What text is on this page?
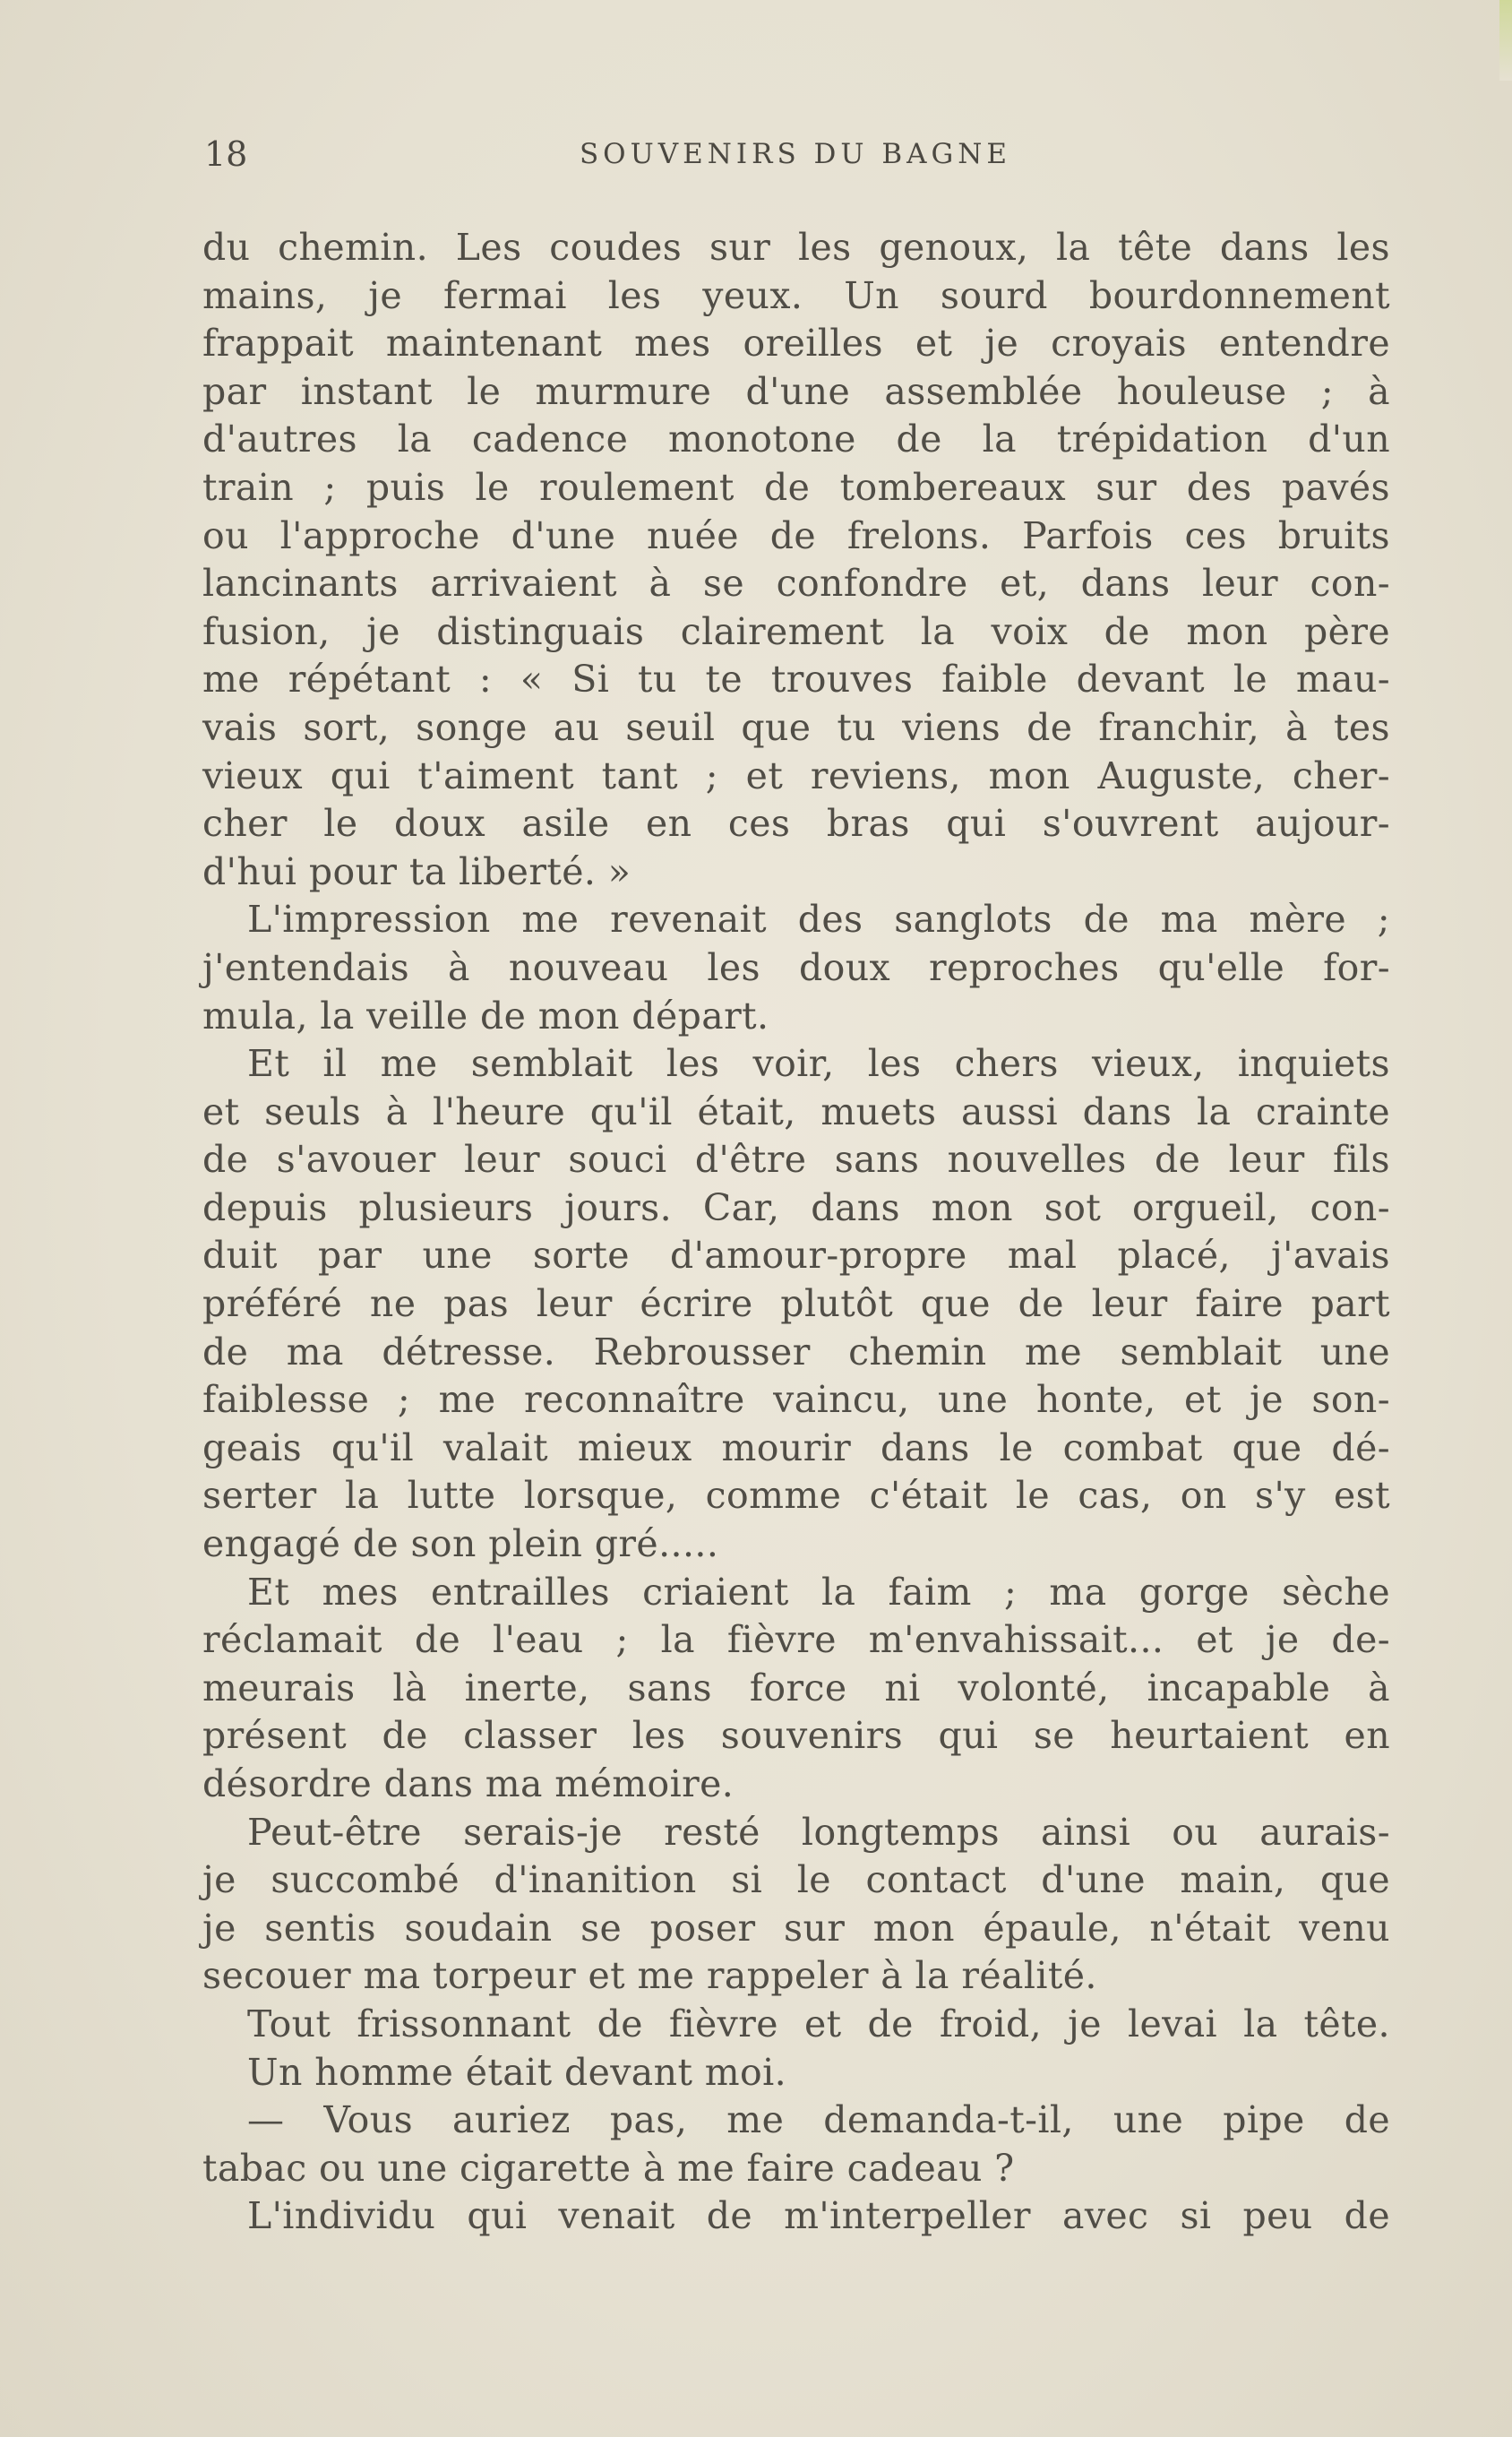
18	SOUVENIRS DU BAGNE
du chemin. Les coudes sur les genoux, la tête dans les
mains, je fermai les yeux. Un sourd bourdonnement
frappait maintenant mes oreilles et je croyais entendre
par instant le murmure d'une assemblée houleuse ; à
d'autres la cadence monotone de la trépidation d'un
train ; puis le roulement de tombereaux sur des pavés
ou l'approche d'une nuée de frelons. Parfois ces bruits
lancinants arrivaient à se confondre et, dans leur con-
fusion, je distinguais clairement la voix de mon père
me répétant : « Si tu te trouves faible devant le mau-
vais sort, songe au seuil que tu viens de franchir, à tes
vieux qui t'aiment tant ; et reviens, mon Auguste, cher-
cher le doux asile en ces bras qui s'ouvrent aujour-
d'hui pour ta liberté. »
L'impression me revenait des sanglots de ma mère ;
j'entendais à nouveau les doux reproches qu'elle for-
mula, la veille de mon départ.
Et il me semblait les voir, les chers vieux, inquiets
et seuls à l'heure qu'il était, muets aussi dans la crainte
de s'avouer leur souci d'être sans nouvelles de leur fils
depuis plusieurs jours. Car, dans mon sot orgueil, con-
duit par une sorte d'amour-propre mal placé, j'avais
préféré ne pas leur écrire plutôt que de leur faire part
de ma détresse. Rebrousser chemin me semblait une
faiblesse ; me reconnaître vaincu, une honte, et je son-
geais qu'il valait mieux mourir dans le combat que dé-
serter la lutte lorsque, comme c'était le cas, on s'y est
engagé de son plein gré.....
Et mes entrailles criaient la faim ; ma gorge sèche
réclamait de l'eau ; la fièvre m'envahissait... et je de-
meurais là inerte, sans force ni volonté, incapable à
présent de classer les souvenirs qui se heurtaient en
désordre dans ma mémoire.
Peut-être serais-je resté longtemps ainsi ou aurais-
je succombé d'inanition si le contact d'une main, que
je sentis soudain se poser sur mon épaule, n'était venu
secouer ma torpeur et me rappeler à la réalité.
Tout frissonnant de fièvre et de froid, je levai la tête.
Un homme était devant moi.
— Vous auriez pas, me demanda-t-il, une pipe de
tabac ou une cigarette à me faire cadeau ?
L'individu qui venait de m'interpeller avec si peu de
